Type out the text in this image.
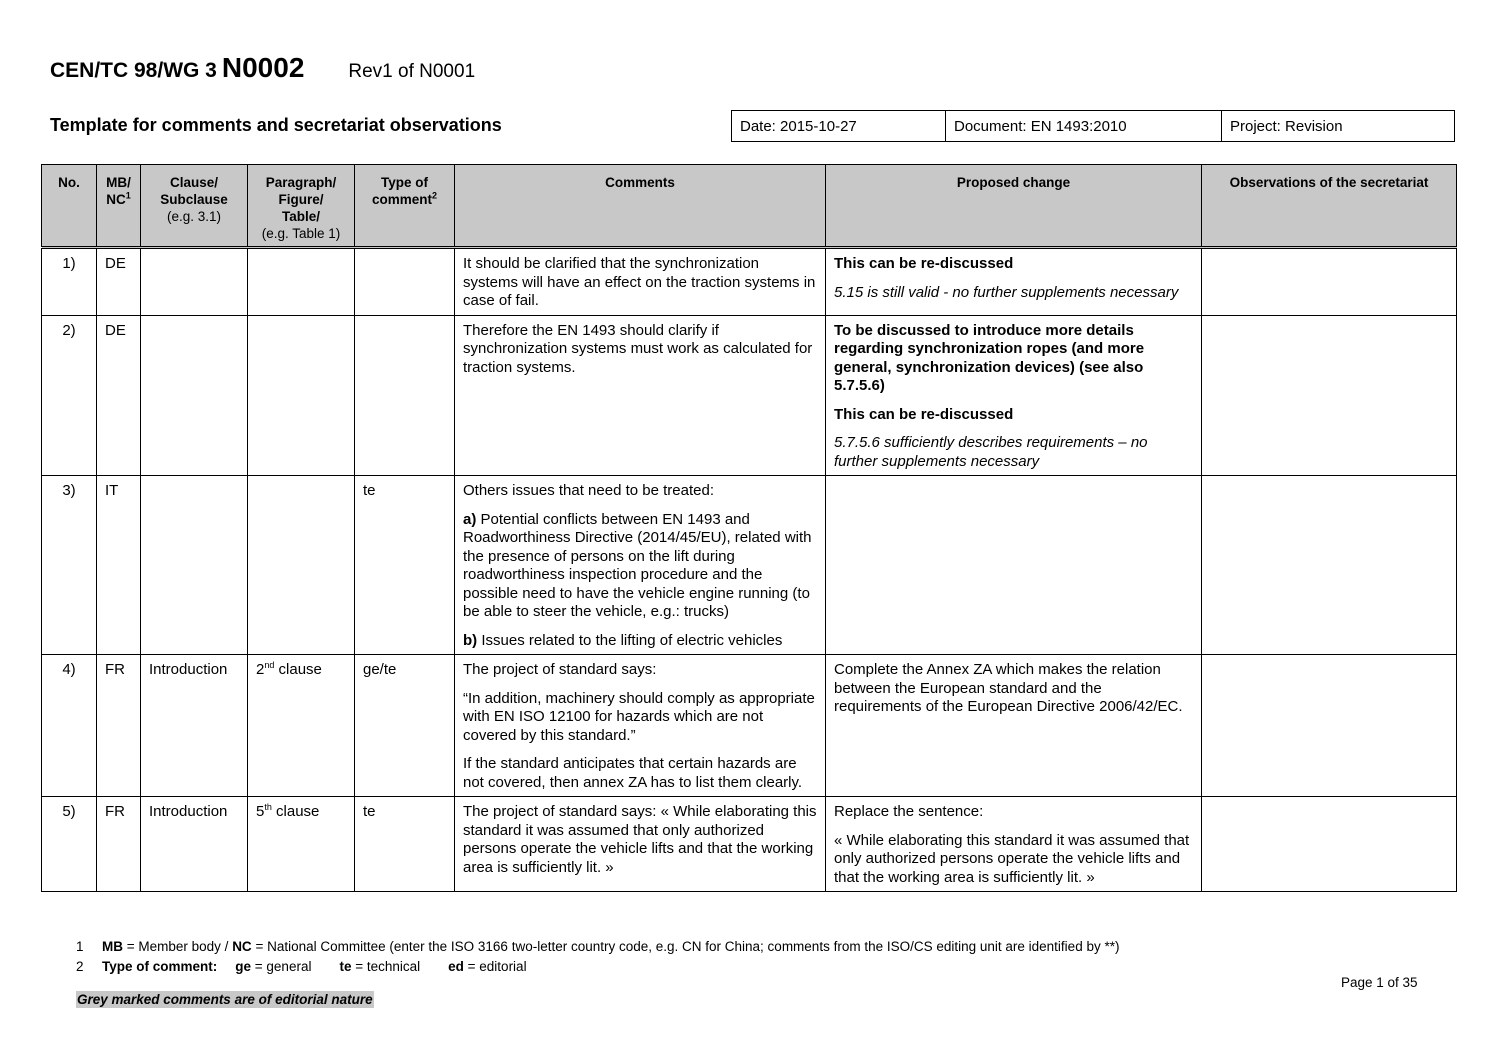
CEN/TC 98/WG 3 N0002 Rev1 of N0001
Template for comments and secretariat observations	Date: 2015-10-27	Document: EN 1493:2010	Project: Revision
No.	MB/
$NC^1$	Clause/
Subclause
(e.g. 3.1)	Paragraph/
Figure/
Table/
(e.g. Table 1)	Type of
comment$^2$	Comments	Proposed change	Observations of the secretariat
1)	DE				It should be clarified that the synchronization systems will have an effect on the traction systems in case of fail.	This can be re-discussed

5.15 is still valid - no further supplements necessary	

2)	DE				Therefore the EN 1493 should clarify if synchronization systems must work as calculated for traction systems.	To be discussed to introduce more details regarding synchronization ropes (and more general, synchronization devices) (see also 5.7.5.6)

This can be re-discussed

5.7.5.6 sufficiently describes requirements – no further supplements necessary	

3)	IT			te	Others issues that need to be treated:

a) Potential conflicts between EN 1493 and Roadworthiness Directive (2014/45/EU), related with the presence of persons on the lift during roadworthiness inspection procedure and the possible need to have the vehicle engine running (to be able to steer the vehicle, e.g.: trucks)

b) Issues related to the lifting of electric vehicles		

4)	FR	Introduction	2nd clause	ge/te	The project of standard says:

“In addition, machinery should comply as appropriate with EN ISO 12100 for hazards which are not covered by this standard.”

If the standard anticipates that certain hazards are not covered, then annex ZA has to list them clearly.	Complete the Annex ZA which makes the relation between the European standard and the requirements of the European Directive 2006/42/EC.	

5)	FR	Introduction	5th clause	te	The project of standard says: « While elaborating this standard it was assumed that only authorized persons operate the vehicle lifts and that the working area is sufficiently lit. »	Replace the sentence:

« While elaborating this standard it was assumed that only authorized persons operate the vehicle lifts and that the working area is sufficiently lit. »	

1 MB = Member body / NC = National Committee (enter the ISO 3166 two-letter country code, e.g. CN for China; comments from the ISO/CS editing unit are identified by **)
2 Type of comment: ge = general te = technical ed = editorial
Page 1 of 35
Grey marked comments are of editorial nature
